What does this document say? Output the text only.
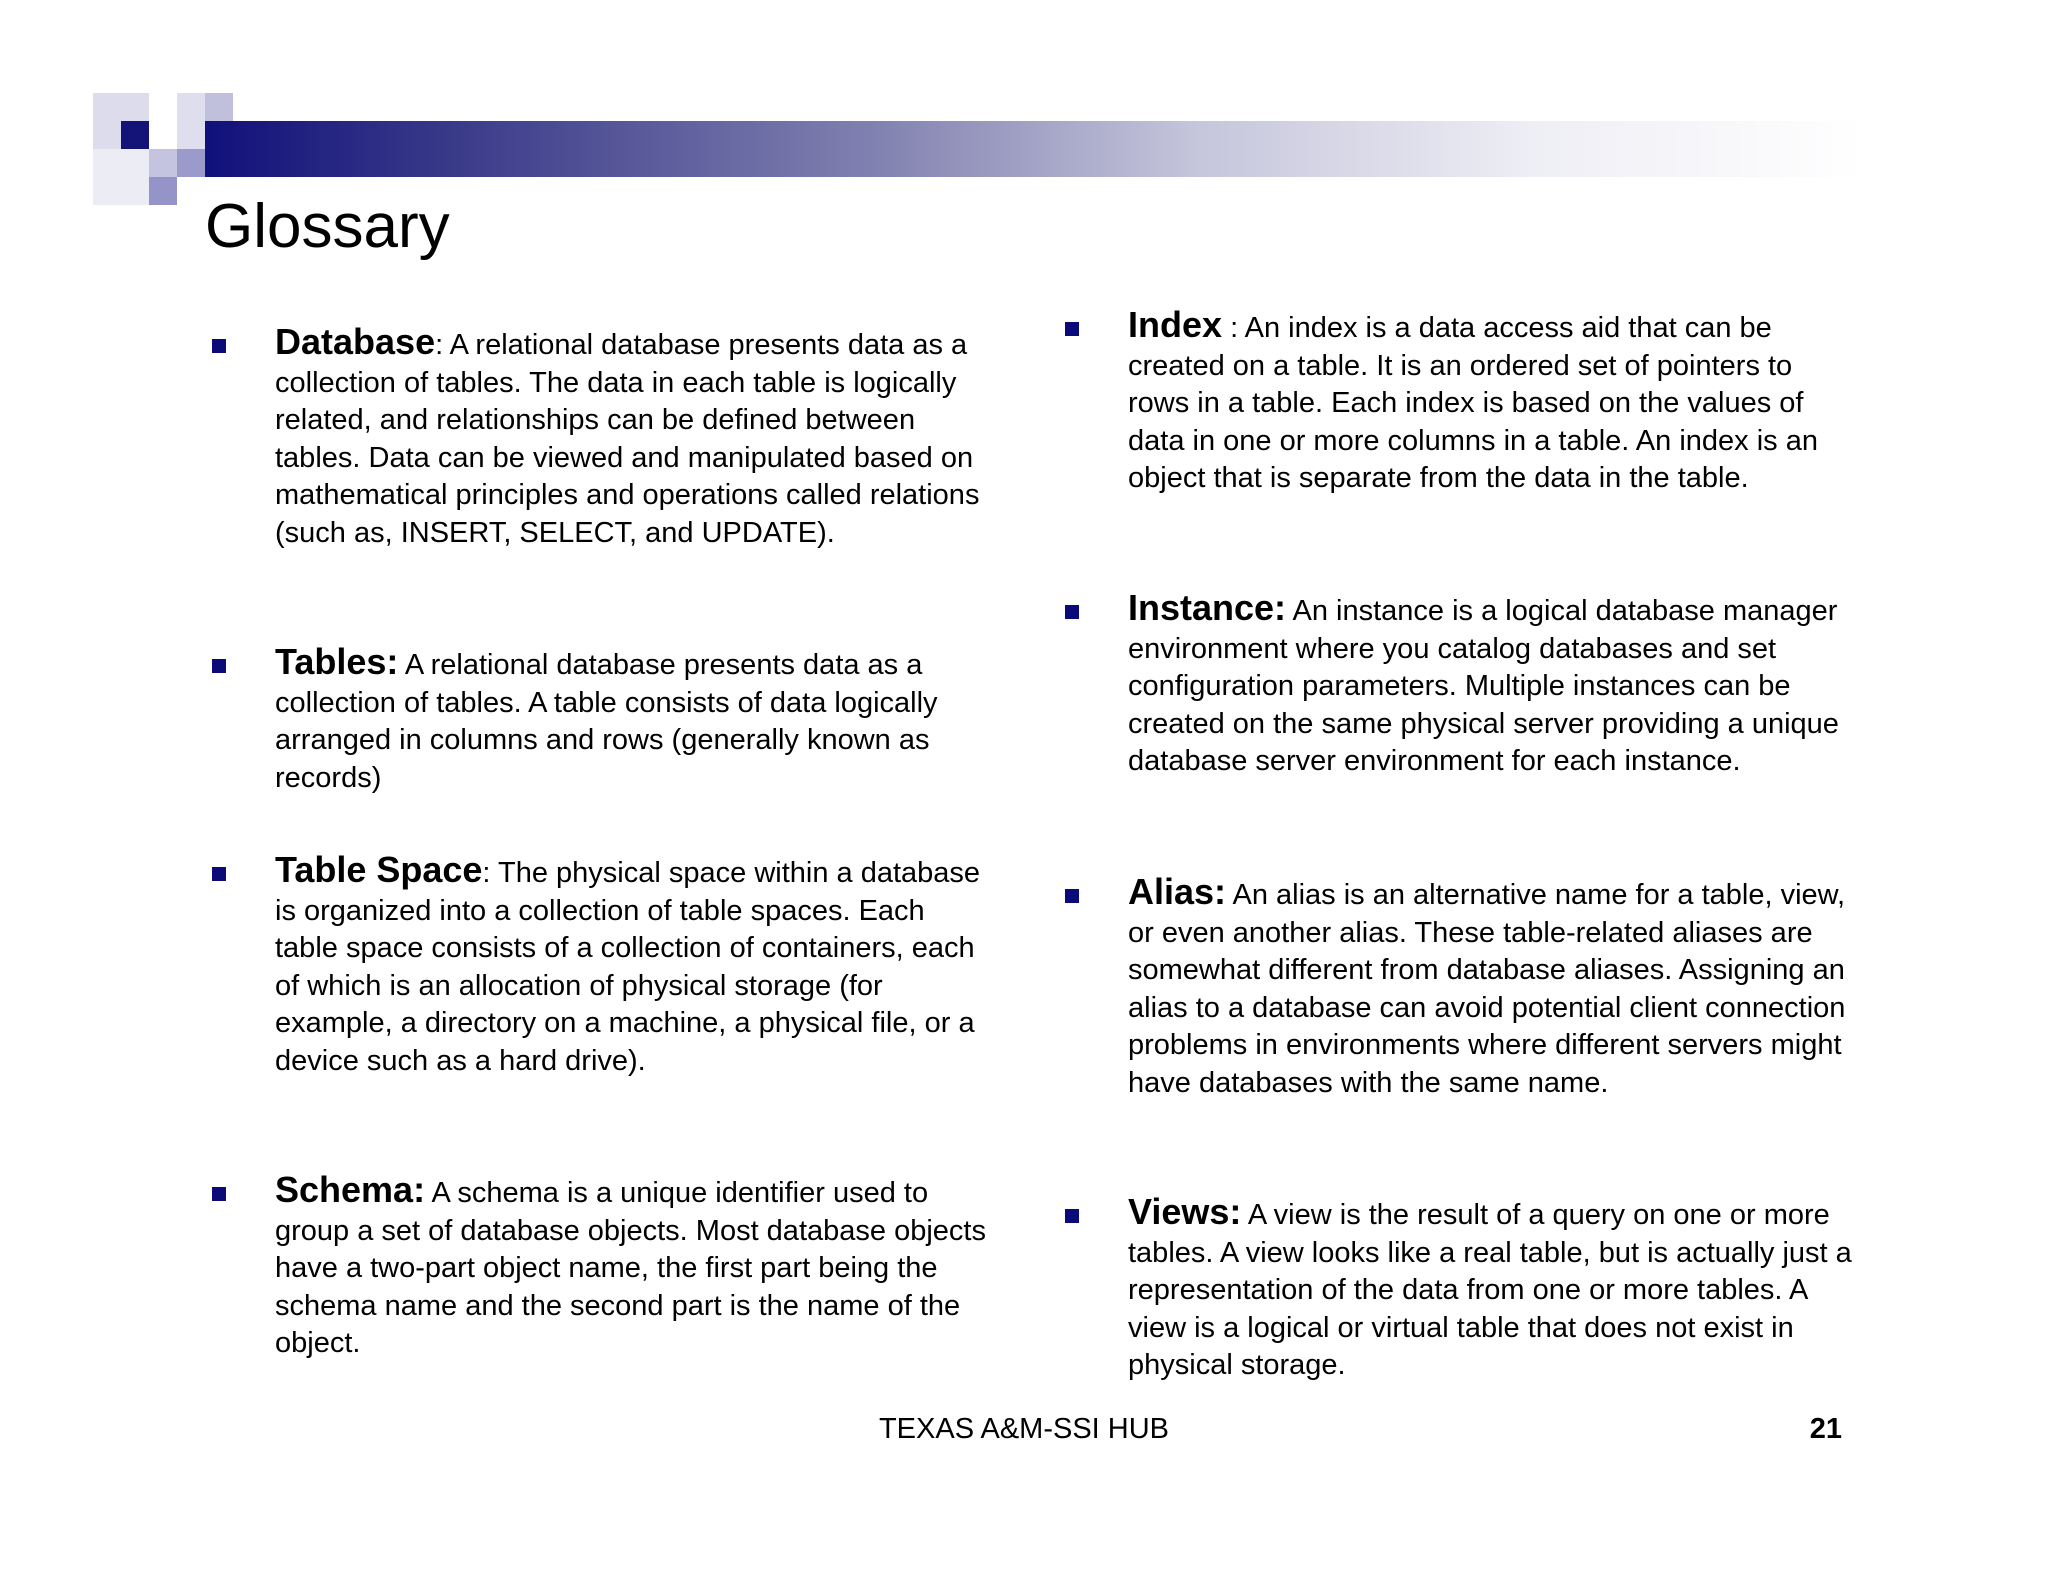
Glossary
Database: A relational database presents data as a collection of tables. The data in each table is logically related, and relationships can be defined between tables. Data can be viewed and manipulated based on mathematical principles and operations called relations (such as, INSERT, SELECT, and UPDATE).
Tables: A relational database presents data as a collection of tables. A table consists of data logically arranged in columns and rows (generally known as records)
Table Space: The physical space within a database is organized into a collection of table spaces. Each table space consists of a collection of containers, each of which is an allocation of physical storage (for example, a directory on a machine, a physical file, or a device such as a hard drive).
Schema: A schema is a unique identifier used to group a set of database objects. Most database objects have a two-part object name, the first part being the schema name and the second part is the name of the object.
Index : An index is a data access aid that can be created on a table. It is an ordered set of pointers to rows in a table. Each index is based on the values of data in one or more columns in a table. An index is an object that is separate from the data in the table.
Instance: An instance is a logical database manager environment where you catalog databases and set configuration parameters. Multiple instances can be created on the same physical server providing a unique database server environment for each instance.
Alias: An alias is an alternative name for a table, view, or even another alias. These table-related aliases are somewhat different from database aliases. Assigning an alias to a database can avoid potential client connection problems in environments where different servers might have databases with the same name.
Views: A view is the result of a query on one or more tables. A view looks like a real table, but is actually just a representation of the data from one or more tables. A view is a logical or virtual table that does not exist in physical storage.
TEXAS A&M-SSI HUB	21
